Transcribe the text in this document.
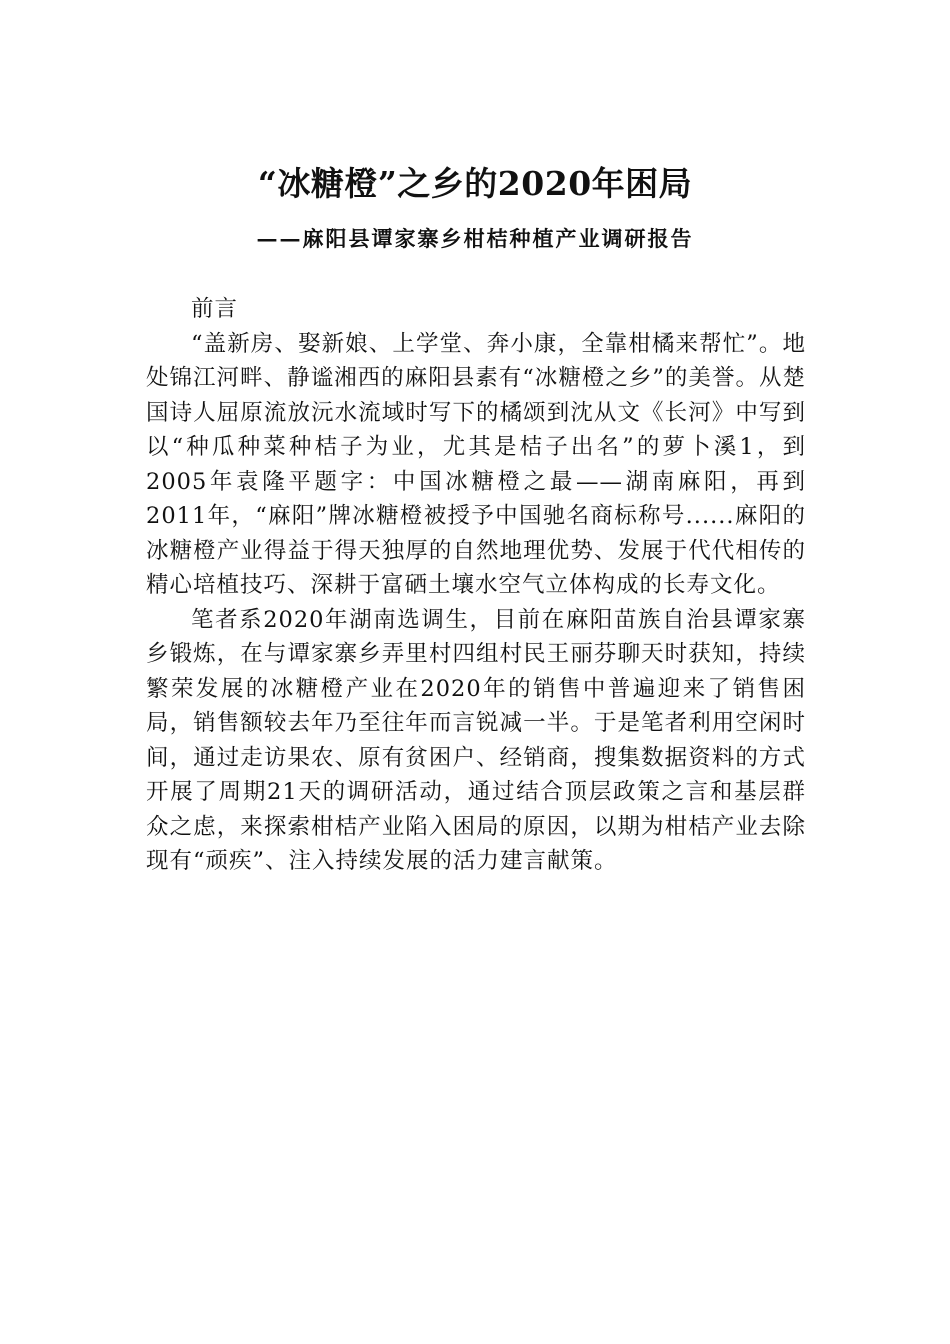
“冰糖橙”之乡的2020年困局
——麻阳县谭家寨乡柑桔种植产业调研报告

前言

“盖新房、娶新娘、上学堂、奔小康，全靠柑橘来帮忙”。地处锦江河畔、静谧湘西的麻阳县素有“冰糖橙之乡”的美誉。从楚国诗人屈原流放沅水流域时写下的橘颂到沈从文《长河》中写到以“种瓜种菜种桔子为业，尤其是桔子出名”的萝卜溪1，到2005年袁隆平题字：中国冰糖橙之最——湖南麻阳，再到2011年，“麻阳”牌冰糖橙被授予中国驰名商标称号......麻阳的冰糖橙产业得益于得天独厚的自然地理优势、发展于代代相传的精心培植技巧、深耕于富硒土壤水空气立体构成的长寿文化。

笔者系2020年湖南选调生，目前在麻阳苗族自治县谭家寨乡锻炼，在与谭家寨乡弄里村四组村民王丽芬聊天时获知，持续繁荣发展的冰糖橙产业在2020年的销售中普遍迎来了销售困局，销售额较去年乃至往年而言锐减一半。于是笔者利用空闲时间，通过走访果农、原有贫困户、经销商，搜集数据资料的方式开展了周期21天的调研活动，通过结合顶层政策之言和基层群众之虑，来探索柑桔产业陷入困局的原因，以期为柑桔产业去除现有“顽疾”、注入持续发展的活力建言献策。
